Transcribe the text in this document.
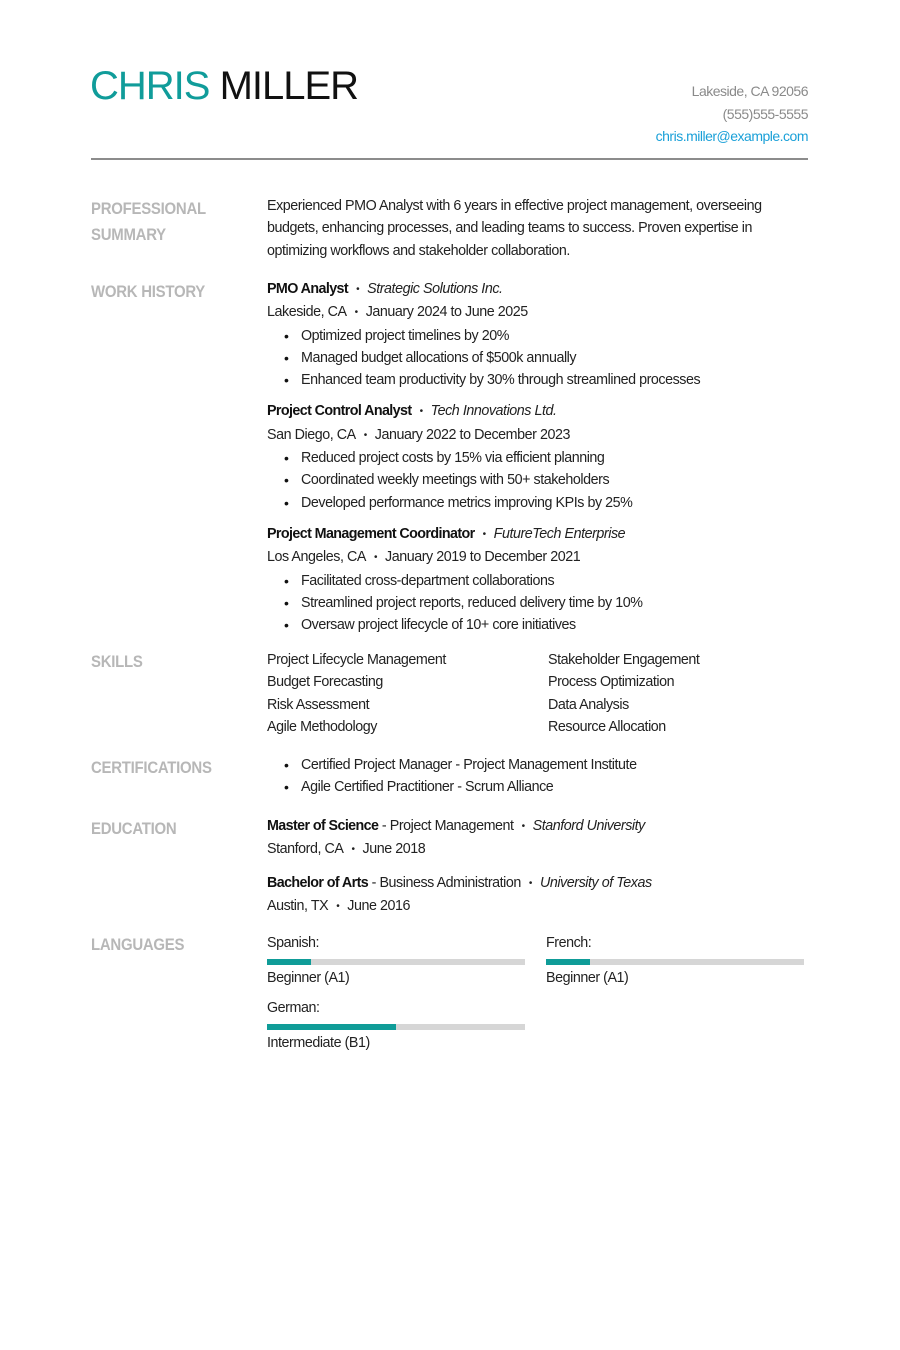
CHRIS MILLER	Lakeside, CA 92056
(555)555-5555
chris.miller@example.com
PROFESSIONAL
SUMMARY

Experienced PMO Analyst with 6 years in effective project management, overseeing budgets, enhancing processes, and leading teams to success. Proven expertise in optimizing workflows and stakeholder collaboration.

WORK HISTORY	PMO Analyst • Strategic Solutions Inc.
Lakeside, CA • January 2024 to June 2025
• Optimized project timelines by 20%
• Managed budget allocations of $500k annually
• Enhanced team productivity by 30% through streamlined processes
Project Control Analyst • Tech Innovations Ltd.
San Diego, CA • January 2022 to December 2023
• Reduced project costs by 15% via efficient planning
• Coordinated weekly meetings with 50+ stakeholders
• Developed performance metrics improving KPIs by 25%
Project Management Coordinator • FutureTech Enterprise
Los Angeles, CA • January 2019 to December 2021
• Facilitated cross-department collaborations
• Streamlined project reports, reduced delivery time by 10%
• Oversaw project lifecycle of 10+ core initiatives
SKILLS	Project Lifecycle Management	Stakeholder Engagement
Budget Forecasting	Process Optimization
Risk Assessment	Data Analysis
Agile Methodology	Resource Allocation
CERTIFICATIONS	• Certified Project Manager - Project Management Institute
• Agile Certified Practitioner - Scrum Alliance
EDUCATION	Master of Science - Project Management • Stanford University
Stanford, CA • June 2018
Bachelor of Arts - Business Administration • University of Texas
Austin, TX • June 2016
LANGUAGES	Spanish:
Beginner (A1)
French:
Beginner (A1)
German:
Intermediate (B1)
